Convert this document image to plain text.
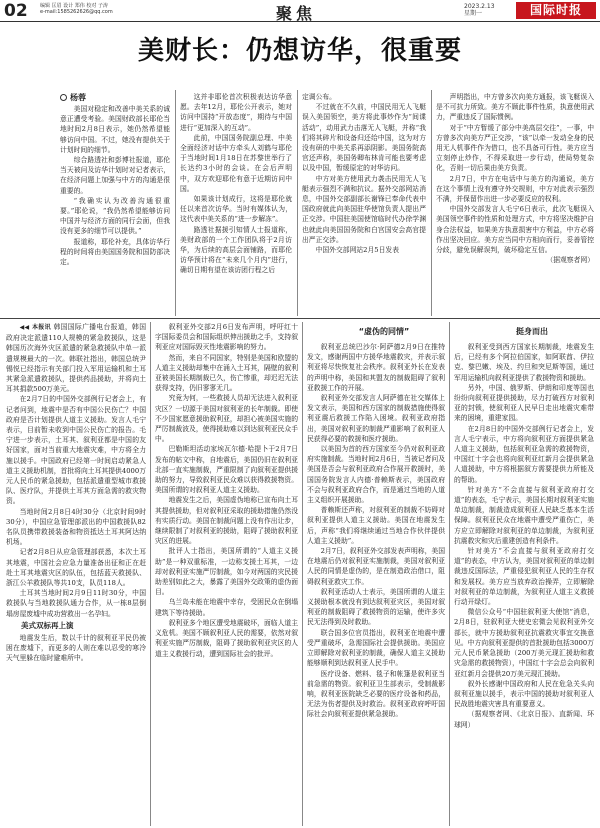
02 编辑 匡眉 设计 郑伟 校对 子涛
e-mail:1585262626@qq.com	聚焦	2023.2.13
星期一	国际时报
美财长：仍想访华，很重要
杨蓉

美国对稳定和改善中美关系的诚意正遭受考验。美国财政部长耶伦当地时间2月8日表示，她仍然希望能够访问中国。不过，她没有提供关于计划时间的细节。

综合路透社和彭博社报道，耶伦当天被问及访华计划时对记者表示，在经济问题上加强与中方的沟通是很重要的。

“我确实认为改善沟通很重要。”耶伦说，“我仍然希望能够访问中国并与经济方面的同行会面，但我没有更多的细节可以提供。”

报道称，耶伦补充，具体访华行程的时间将由美国国务院和国防部决定。

这并非耶伦首次积极表达访华意愿。去年12月，耶伦公开表示，她对访问中国持“开放态度”，期待与中国进行“更加深入的互动”。

此前，中国国务院副总理、中美全面经济对话中方牵头人刘鹤与耶伦于当地时间1月18日在苏黎世举行了长达约3小时的会谈。在会后声明中，双方欢迎耶伦有意于近期访问中国。

如果该计划成行，这将是耶伦就任以来首次访华。当时有媒体认为，这代表中美关系的“进一步解冻”。

路透社据援引知情人士报道称，美财政部的一个工作团队将于2月访华，为后续的高层会面铺路，而耶伦访华预计将在“未来几个月内”进行，确切日期有望在该访团行程之后

定调公布。

不过就在不久前，中国民用无人飞艇误入美国领空，美方将此事炒作为“间谍活动”，动用武力击落无人飞艇，并称“我们将其碎片和设备归还给中国，这为对方没有研的中美关系再添阴影。美国务院高官还声称，美国务卿布林肯可能也要考虑以及中国，暂缓原定的对华访问。

中方对美方使用武力袭击民用无人飞艇表示强烈不满和抗议。据外交部网站消息，中国外交部副部长谢锋已奉命代表中国政府就此向美国驻华使馆负责人提出严正交涉。中国驻美国使馆临时代办徐学渊也就此向美国国务院和白宫国安会高官提出严正交涉。

中国外交部网站2月5日发表

声明指出，中方曾多次向美方通报，该飞艇误入是不可抗力所致。美方不顾此事件性质，执意使用武力，严重违反了国际惯例。

对于“中方暂缓了部分中美高层交往”，一事，中方曾多次向美方严正交涉，“该”以牵一发动全身的民用无人机事件作为借口，也不具备可行性。美方应当立刻停止炒作，不得采取进一步行动，使局势复杂化，否则一切后果由美方负责。

2月7日，中方在电话中与美方的沟通说，美方在这个事情上没有遵守外交规则，中方对此表示强烈不满，并保留作出进一步必要反应的权利。

中国外交部发言人毛宁6日表示，此次飞艇误入美国领空事件的性质和处理方式，中方将坚决维护自身合法权益，如果美方执意损害中方利益，中方必将作出坚决回应。美方应当同中方相向而行，妥善管控分歧，避免误解误判，破坏稳定互信。

（据观察者网）

◀◀ 本报讯 韩国国际广播电台报道，韩国政府决定派遣110人规模的紧急救援队，这是韩国历次海外灾区派遣的紧急救援队中单一派遣规模最大的一次。韩联社指出，韩国总统尹锡悦已经指示有关部门投入军用运输机和土耳其紧急派遣救援队，提供药品援助，并将向土耳其捐款500万美元。

在2月7日的中国外交部例行记者会上，有记者问到，地震中是否有中国公民伤亡？中国政府是否计划提供人道主义援助。发言人毛宁表示，目前暂未收到中国公民伤亡的报告。毛宁进一步表示，土耳其、叙利亚都是中国的友好国家，面对当前重大地震灾难，中方将全力施以援手。中国政府已经第一时间启动紧急人道主义援助机制，首批将向土耳其提供4000万元人民币的紧急援助，包括派遣重型城市救援队、医疗队，并提供土耳其方面急需的救灾物资。

当地时间2月8日4时30分（北京时间9时30分），中国应急管理部派出的中国救援队82名队员携带救援装备和物资抵达土耳其阿达纳机场。

记者2月8日从应急管理部获悉，本次土耳其地震，中国社会应急力量准备出征和正在赶赴土耳其地震灾区的队伍，包括蓝天救援队、浙江公羊救援队等共10支，队员118人。

土耳其当地时间2月9日11时30分，中国救援队与当地救援队通力合作，从一栋8层倒塌房屋废墟中成功营救出一名孕妇。

美式双标再上演

地震发生后，数以千计的叙利亚平民仍被困在废墟下，而更多的人则在难以忍受的寒冷天气里躲在临时避难所中。

叙利亚外交部2月6日发布声明，呼吁红十字国际委员会和国际组织伸出援助之手，支持叙利亚应对国际毁灭性地震影响的努力。

然而，来自不同国家，特别是美国和欧盟的人道主义援助却集中在涌入土耳其，隔壁的叙利亚被美国长期制裁已久，伤亡惨重，却迟迟无法获得支持，仍旧寥寥无几。

究竟为何，一些救援人员却无法进入叙利亚灾区？一切源于美国对叙利亚的长年制裁。即使不少国家愿意援助叙利亚，却担心被美国实施的严厉制裁波及，使得援助难以到达叙利亚民众手中。

巴勒斯坦活动家埃瓦尔德·哈提卜于2月7日发布的帖文中称，自地震后，美国仍旧在叙利亚北部一直实施制裁，严重限制了向叙利亚提供援助的努力，导致叙利亚民众难以获得救援物资。美国所谓的对叙利亚人道主义援助。

地震发生之后，美国虚伪地称已宣布向土耳其提供援助，但对叙利亚采取的援助措施仍然没有实质行动。美国在制裁问题上没有作出让步，继续限制了对叙利亚的援助，阻碍了援助叙利亚灾区的进展。

批评人士指出，美国所谓的“人道主义援助”是一种双重标准，一边称支援土耳其，一边却对叙利亚实施严厉制裁，如今对两国的灾民援助差别如此之大，暴露了美国外交政策的虚伪面目。

乌兰岛未能在地震中幸存，受困民众在倒塌建筑下等待援助。

叙利亚多个地区遭受地震破坏，面临人道主义危机。美国不顾叙利亚人民的需要，依然对叙利亚实施严厉制裁，阻碍了援助叙利亚灾区的人道主义救援行动，遭到国际社会的批评。

“虚伪的同情”

叙利亚总统巴沙尔·阿萨德2月9日在推特发文，感谢两国中方援华地震救灾，并表示叙利亚将尽快恢复社会秩序。叙利亚外长在发表的声明中称，美国和其盟友的制裁阻碍了叙利亚救援工作的开展。

叙利亚外交部发言人阿萨德在社交媒体上发文表示，美国和西方国家的制裁措施使得叙利亚震后救援工作陷入困境。叙利亚政府指出，美国对叙利亚的制裁严重影响了叙利亚人民获得必要的救援和医疗援助。

以美国为首的西方国家至今仍对叙利亚政府实施制裁。当地时间2月6日，当被记者问及美国是否会与叙利亚政府合作展开救援时，美国国务院发言人内德·普赖斯表示，美国政府不会与叙利亚政府合作，而是通过当地的人道主义组织开展援助。

普赖斯还声称，对叙利亚的制裁不妨碍对叙利亚提供人道主义援助。美国在地震发生后，声称“我们将继续通过当地合作伙伴提供人道主义援助”。

2月7日，叙利亚外交部发表声明称，美国在地震后仍对叙利亚实施制裁，美国对叙利亚人民的同情是虚伪的，是在制造政治借口，阻碍叙利亚救灾工作。

叙利亚活动人士表示，美国所谓的人道主义援助根本就没有到达叙利亚灾区，美国对叙利亚的制裁阻碍了救援物资的运输，使许多灾民无法得到及时救助。

联合国多位官员指出，叙利亚在地震中遭受严重破坏，急需国际社会提供援助。美国应立即解除对叙利亚的制裁，确保人道主义援助能够顺利到达叙利亚人民手中。

医疗设备、燃料、毯子和帐篷是叙利亚当前急需的物资。叙利亚卫生部表示，受制裁影响，叙利亚医院缺乏必要的医疗设备和药品，无法为伤者提供及时救治。叙利亚政府呼吁国际社会向叙利亚提供紧急援助。

挺身而出

叙利亚受到西方国家长期制裁，地震发生后，已经有多个阿拉伯国家，如阿联酋、伊拉克、黎巴嫩、埃及、约旦和突尼斯等国，通过军用运输机向叙利亚提供了救援物资和援助。

另外，中国、俄罗斯、伊朗和印度等国也纷纷向叙利亚提供援助，尽力打破西方对叙利亚的封锁，使叙利亚人民早日走出地震灾难带来的困境，重建家园。

在2月8日的中国外交部例行记者会上，发言人毛宁表示，中方将向叙利亚方面提供紧急人道主义援助，包括叙利亚急需的救援物资，中国红十字会也将向叙利亚红新月会提供紧急人道援助，中方将根据叙方需要提供力所能及的帮助。

针对美方“不会直接与叙利亚政府打交道”的表态，毛宁表示，美国长期对叙利亚实施单边制裁，制裁造成叙利亚人民缺乏基本生活保障。叙利亚民众在地震中遭受严重伤亡，美方应立即解除对叙利亚的单边制裁，为叙利亚抗震救灾和灾后重建创造有利条件。

针对美方“不会直接与叙利亚政府打交道”的表态，中方认为，美国对叙利亚的单边制裁违反国际法，严重侵犯叙利亚人民的生存权和发展权。美方应当放弃政治操弄，立即解除对叙利亚的单边制裁，为叙利亚人道主义救援行动开绿灯。

微信公众号“中国驻叙利亚大使馆”消息，2月8日，驻叙利亚大使史宏微会见叙利亚外交部长，就中方援助叙利亚抗震救灾事宜交换意见。中方向叙利亚提供的首批援助包括3000万元人民币紧急援助（200万美元现汇援助和救灾急需的救援物资），中国红十字会总会向叙利亚红新月会提供20万美元现汇援助。

叙外长感谢中国政府和人民在危急关头向叙利亚施以援手，表示中国的援助对叙利亚人民战胜地震灾害具有重要意义。

（据观察者网、《北京日报》、直新闻、环球网）
